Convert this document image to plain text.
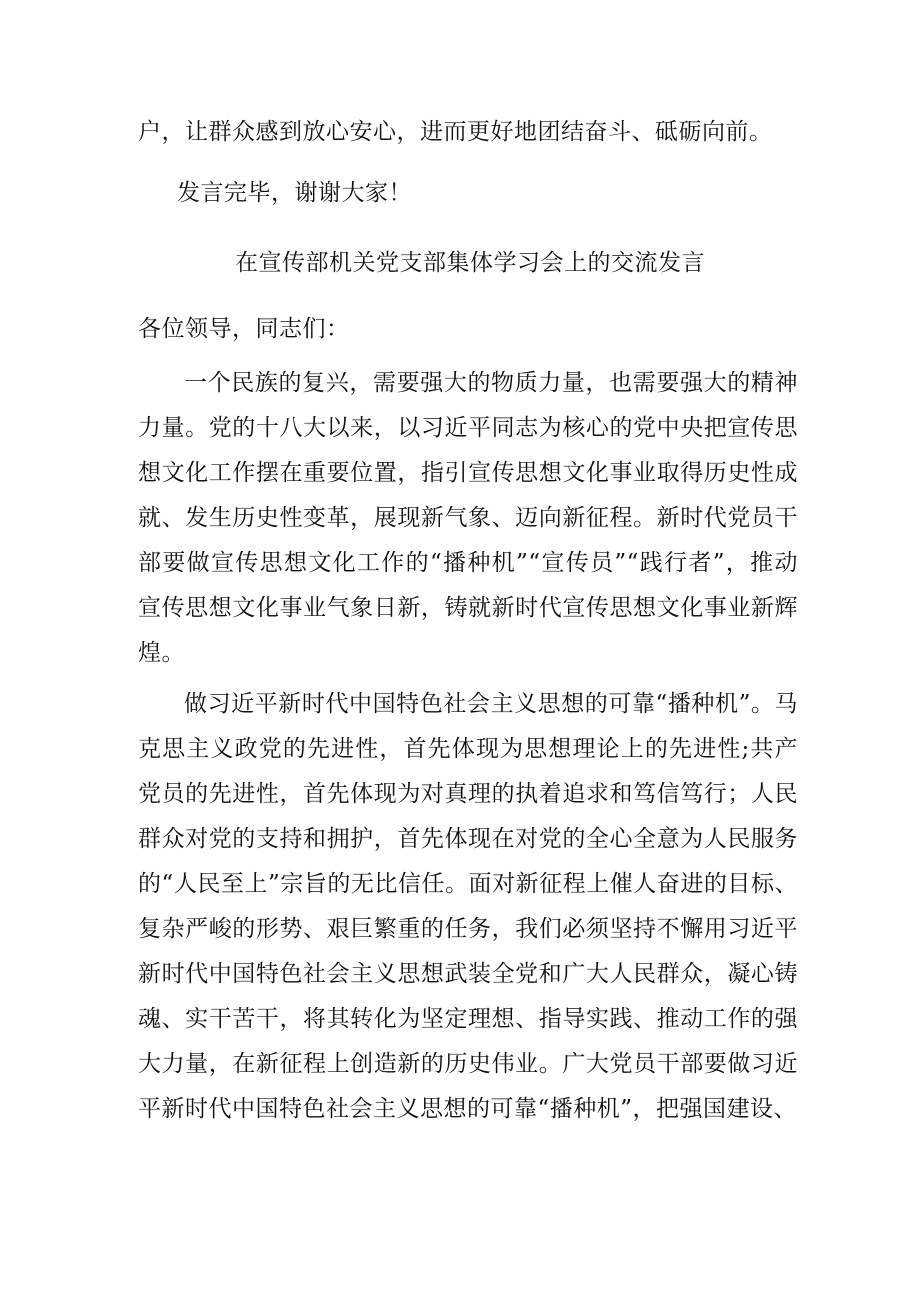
户，让群众感到放心安心，进而更好地团结奋斗、砥砺向前。
发言完毕，谢谢大家！
在宣传部机关党支部集体学习会上的交流发言
各位领导，同志们：
一个民族的复兴，需要强大的物质力量，也需要强大的精神力量。党的十八大以来，以习近平同志为核心的党中央把宣传思想文化工作摆在重要位置，指引宣传思想文化事业取得历史性成就、发生历史性变革，展现新气象、迈向新征程。新时代党员干部要做宣传思想文化工作的“播种机”“宣传员”“践行者”，推动宣传思想文化事业气象日新，铸就新时代宣传思想文化事业新辉煌。
做习近平新时代中国特色社会主义思想的可靠“播种机”。马克思主义政党的先进性，首先体现为思想理论上的先进性;共产党员的先进性，首先体现为对真理的执着追求和笃信笃行；人民群众对党的支持和拥护，首先体现在对党的全心全意为人民服务的“人民至上”宗旨的无比信任。面对新征程上催人奋进的目标、复杂严峻的形势、艰巨繁重的任务，我们必须坚持不懈用习近平新时代中国特色社会主义思想武装全党和广大人民群众，凝心铸魂、实干苦干，将其转化为坚定理想、指导实践、推动工作的强大力量，在新征程上创造新的历史伟业。广大党员干部要做习近平新时代中国特色社会主义思想的可靠“播种机”，把强国建设、
